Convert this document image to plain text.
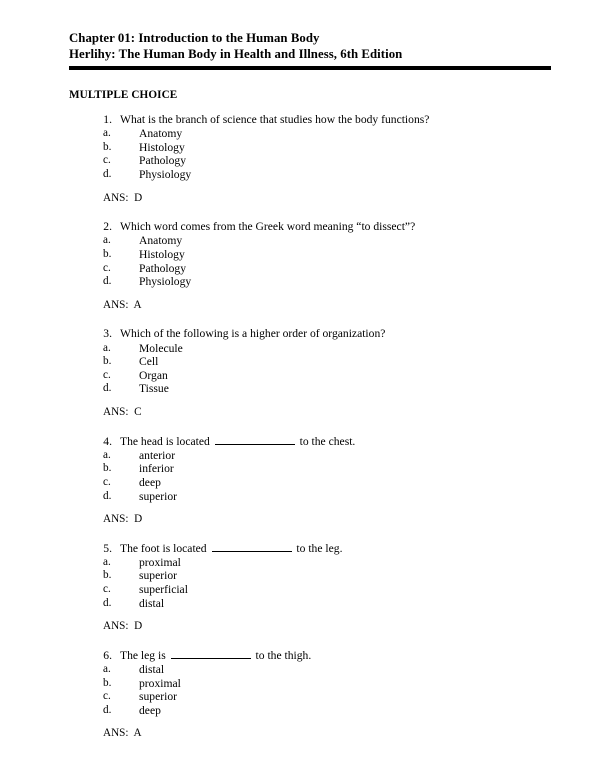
Chapter 01: Introduction to the Human Body
Herlihy: The Human Body in Health and Illness, 6th Edition
MULTIPLE CHOICE
1. What is the branch of science that studies how the body functions?
a.	Anatomy
b.	Histology
c.	Pathology
d.	Physiology
ANS:  D
2. Which word comes from the Greek word meaning “to dissect”?
a.	Anatomy
b.	Histology
c.	Pathology
d.	Physiology
ANS:  A
3. Which of the following is a higher order of organization?
a.	Molecule
b.	Cell
c.	Organ
d.	Tissue
ANS:  C
4. The head is located	to the chest.
a.	anterior
b.	inferior
c.	deep
d.	superior
ANS:  D
5. The foot is located	to the leg.
a.	proximal
b.	superior
c.	superficial
d.	distal
ANS:  D
6. The leg is	to the thigh.
a.	distal
b.	proximal
c.	superior
d.	deep
ANS:  A
